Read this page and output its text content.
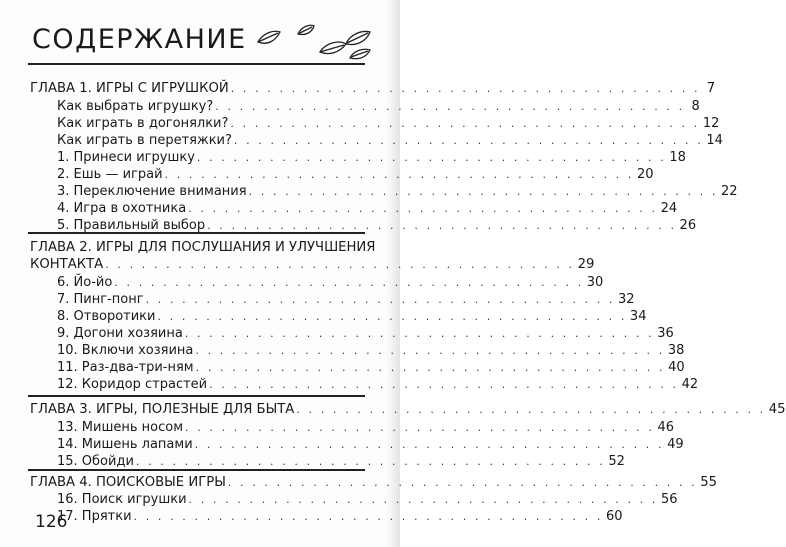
СОДЕРЖАНИЕ
ГЛАВА 1. ИГРЫ С ИГРУШКОЙ . . . . . . . . . . . . . . . . . . . . . . . . . . . . . . . . . . . . . . . 7
Как выбрать игрушку? . . . . . . . . . . . . . . . . . . . . . . . . . . . . . . . . . . . . . . . 8
Как играть в догонялки? . . . . . . . . . . . . . . . . . . . . . . . . . . . . . . . . . . . . . . . 12
Как играть в перетяжки? . . . . . . . . . . . . . . . . . . . . . . . . . . . . . . . . . . . . . . . 14
1. Принеси игрушку . . . . . . . . . . . . . . . . . . . . . . . . . . . . . . . . . . . . . . . 18
2. Ешь — играй . . . . . . . . . . . . . . . . . . . . . . . . . . . . . . . . . . . . . . . 20
3. Переключение внимания . . . . . . . . . . . . . . . . . . . . . . . . . . . . . . . . . . . . . . . 22
4. Игра в охотника . . . . . . . . . . . . . . . . . . . . . . . . . . . . . . . . . . . . . . . 24
5. Правильный выбор . . . . . . . . . . . . . . . . . . . . . . . . . . . . . . . . . . . . . . . 26
ГЛАВА 2. ИГРЫ ДЛЯ ПОСЛУШАНИЯ И УЛУЧШЕНИЯ
КОНТАКТА . . . . . . . . . . . . . . . . . . . . . . . . . . . . . . . . . . . . . . . 29
6. Йо-йо . . . . . . . . . . . . . . . . . . . . . . . . . . . . . . . . . . . . . . . 30
7. Пинг-понг . . . . . . . . . . . . . . . . . . . . . . . . . . . . . . . . . . . . . . . 32
8. Отворотики . . . . . . . . . . . . . . . . . . . . . . . . . . . . . . . . . . . . . . . 34
9. Догони хозяина . . . . . . . . . . . . . . . . . . . . . . . . . . . . . . . . . . . . . . . 36
10. Включи хозяина . . . . . . . . . . . . . . . . . . . . . . . . . . . . . . . . . . . . . . . 38
11. Раз-два-три-ням . . . . . . . . . . . . . . . . . . . . . . . . . . . . . . . . . . . . . . . 40
12. Коридор страстей . . . . . . . . . . . . . . . . . . . . . . . . . . . . . . . . . . . . . . . 42
ГЛАВА 3. ИГРЫ, ПОЛЕЗНЫЕ ДЛЯ БЫТА . . . . . . . . . . . . . . . . . . . . . . . . . . . . . . . . . . . . . . . 45
13. Мишень носом . . . . . . . . . . . . . . . . . . . . . . . . . . . . . . . . . . . . . . . 46
14. Мишень лапами . . . . . . . . . . . . . . . . . . . . . . . . . . . . . . . . . . . . . . . 49
15. Обойди . . . . . . . . . . . . . . . . . . . . . . . . . . . . . . . . . . . . . . . 52
ГЛАВА 4. ПОИСКОВЫЕ ИГРЫ . . . . . . . . . . . . . . . . . . . . . . . . . . . . . . . . . . . . . . . 55
16. Поиск игрушки . . . . . . . . . . . . . . . . . . . . . . . . . . . . . . . . . . . . . . . 56
17. Прятки . . . . . . . . . . . . . . . . . . . . . . . . . . . . . . . . . . . . . . . 60
126
